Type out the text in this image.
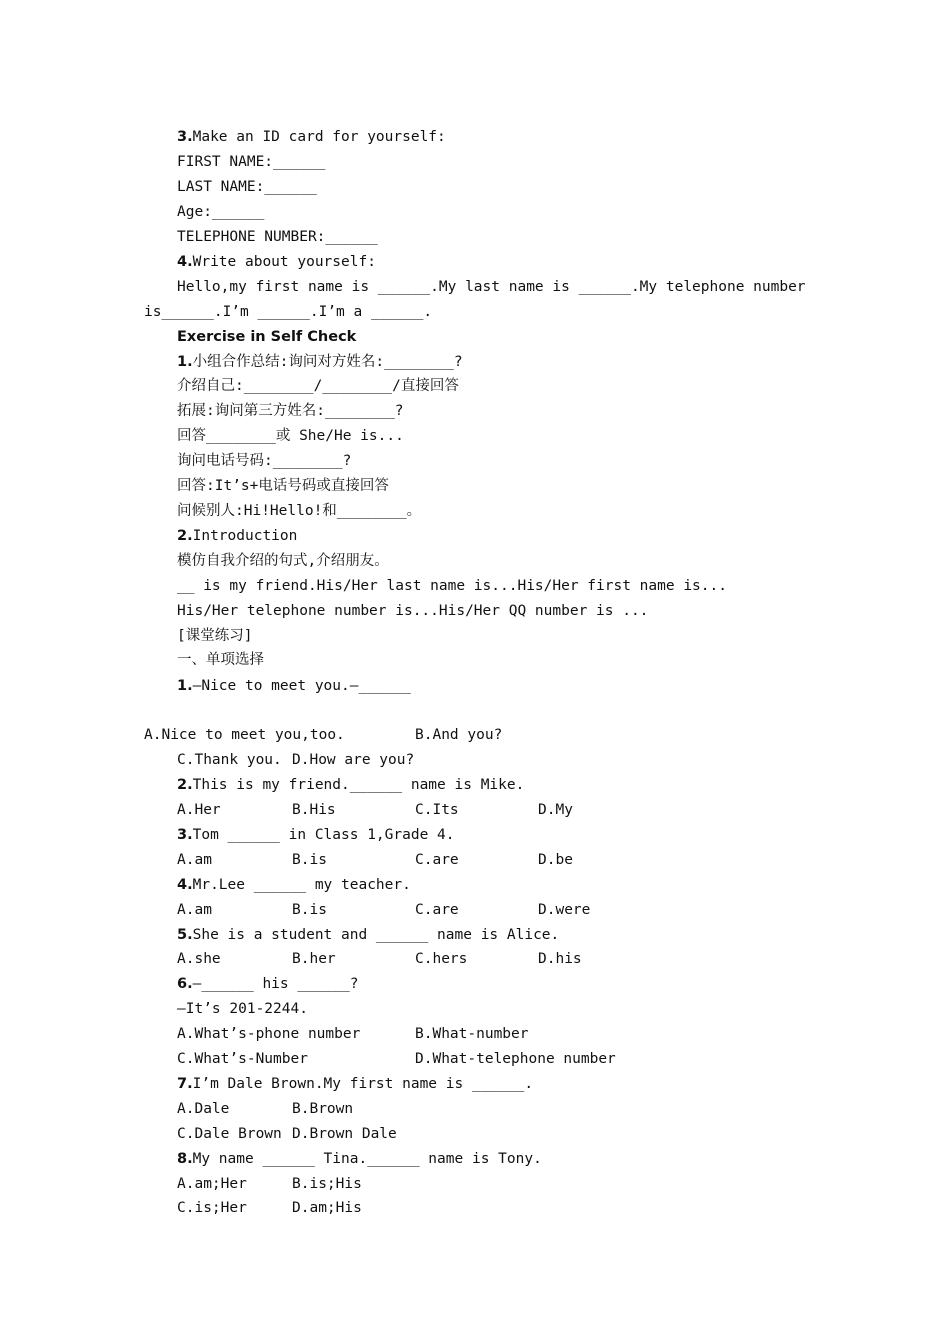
3.Make an ID card for yourself:
FIRST NAME:______
LAST NAME:______
Age:______
TELEPHONE NUMBER:______
4.Write about yourself:
Hello,my first name is ______.My last name is ______.My telephone number
is______.I’m ______.I’m a ______.
Exercise in Self Check
1.小组合作总结:询问对方姓名:________?
介绍自己:________/________/直接回答
拓展:询问第三方姓名:________?
回答________或 She/He is...
询问电话号码:________?
回答:It’s+电话号码或直接回答
问候别人:Hi!Hello!和________。
2.Introduction
模仿自我介绍的句式,介绍朋友。
__ is my friend.His/Her last name is...His/Her first name is...
His/Her telephone number is...His/Her QQ number is ...
[课堂练习]
一、单项选择
1.—Nice to meet you.—______
A.Nice to meet you,too.	B.And you?
C.Thank you. D.How are you?
2.This is my friend.______ name is Mike.
A.Her	B.His	C.Its	D.My
3.Tom ______ in Class 1,Grade 4.
A.am	B.is	C.are	D.be
4.Mr.Lee ______ my teacher.
A.am	B.is	C.are	D.were
5.She is a student and ______ name is Alice.
A.she	B.her	C.hers	D.his
6.—______ his ______?
—It’s 201-2244.
A.What’s-phone number	B.What-number
C.What’s-Number	D.What-telephone number
7.I’m Dale Brown.My first name is ______.
A.Dale	B.Brown
C.Dale Brown D.Brown Dale
8.My name ______ Tina.______ name is Tony.
A.am;Her	B.is;His
C.is;Her	D.am;His
